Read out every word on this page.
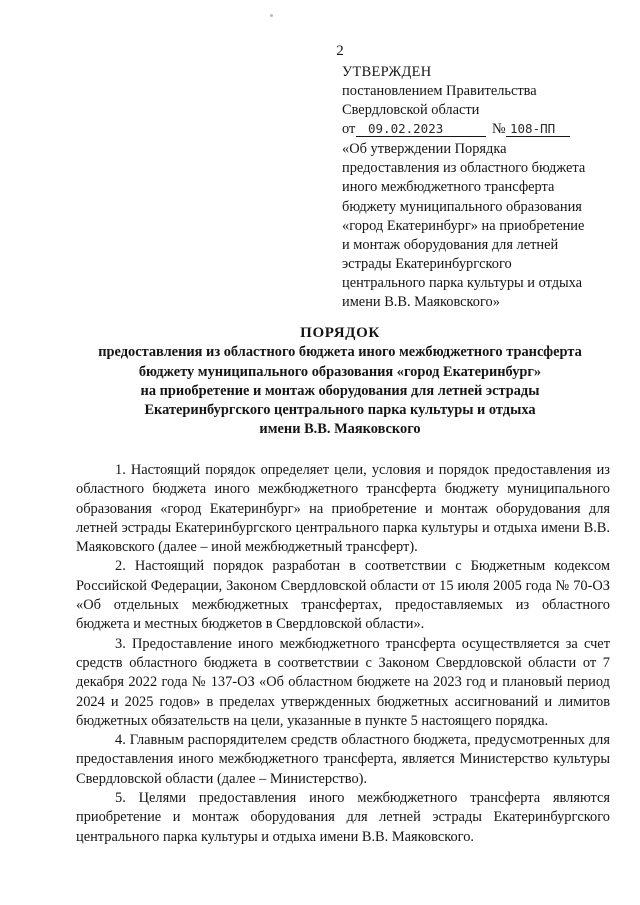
2
УТВЕРЖДЕН
постановлением Правительства
Свердловской области
от	09.02.2023	№ 108-ПП
«Об утверждении Порядка
предоставления из областного бюджета
иного межбюджетного трансферта
бюджету муниципального образования
«город Екатеринбург» на приобретение
и монтаж оборудования для летней
эстрады Екатеринбургского
центрального парка культуры и отдыха
имени В.В. Маяковского»
ПОРЯДОК
предоставления из областного бюджета иного межбюджетного трансферта
бюджету муниципального образования «город Екатеринбург»
на приобретение и монтаж оборудования для летней эстрады
Екатеринбургского центрального парка культуры и отдыха
имени В.В. Маяковского

1. Настоящий порядок определяет цели, условия и порядок предоставления из областного бюджета иного межбюджетного трансферта бюджету муниципального образования «город Екатеринбург» на приобретение и монтаж оборудования для летней эстрады Екатеринбургского центрального парка культуры и отдыха имени В.В. Маяковского (далее – иной межбюджетный трансферт).

2. Настоящий порядок разработан в соответствии с Бюджетным кодексом Российской Федерации, Законом Свердловской области от 15 июля 2005 года № 70-ОЗ «Об отдельных межбюджетных трансфертах, предоставляемых из областного бюджета и местных бюджетов в Свердловской области».

3. Предоставление иного межбюджетного трансферта осуществляется за счет средств областного бюджета в соответствии с Законом Свердловской области от 7 декабря 2022 года № 137-ОЗ «Об областном бюджете на 2023 год и плановый период 2024 и 2025 годов» в пределах утвержденных бюджетных ассигнований и лимитов бюджетных обязательств на цели, указанные в пункте 5 настоящего порядка.

4. Главным распорядителем средств областного бюджета, предусмотренных для предоставления иного межбюджетного трансферта, является Министерство культуры Свердловской области (далее – Министерство).

5. Целями предоставления иного межбюджетного трансферта являются приобретение и монтаж оборудования для летней эстрады Екатеринбургского центрального парка культуры и отдыха имени В.В. Маяковского.
